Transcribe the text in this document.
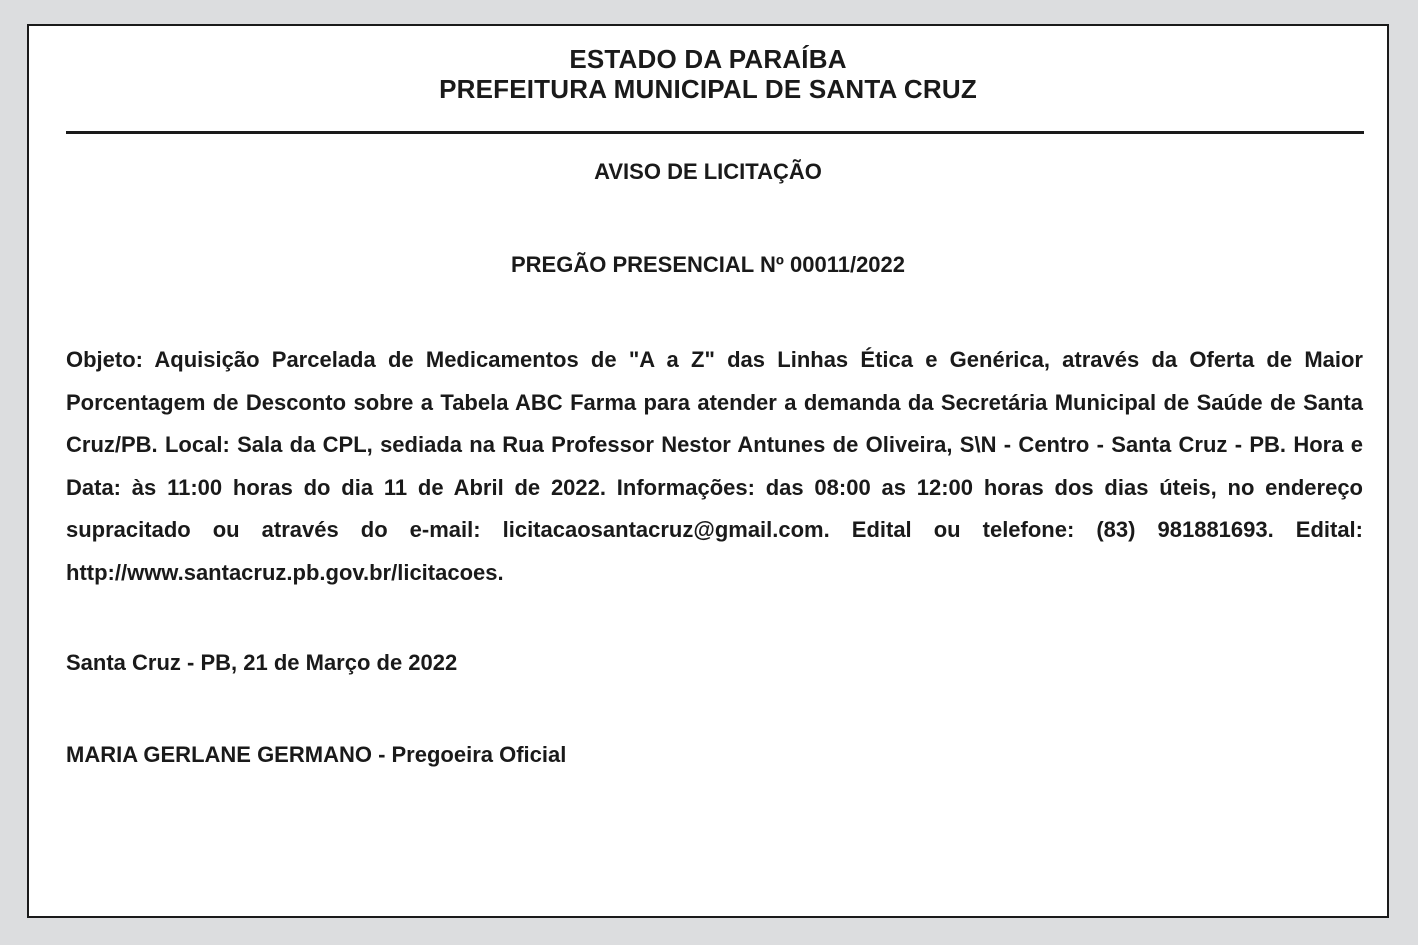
ESTADO DA PARAÍBA
PREFEITURA MUNICIPAL DE SANTA CRUZ
AVISO DE LICITAÇÃO
PREGÃO PRESENCIAL Nº 00011/2022
Objeto: Aquisição Parcelada de Medicamentos de "A a Z" das Linhas Ética e Genérica, através da Oferta de Maior Porcentagem de Desconto sobre a Tabela ABC Farma para atender a demanda da Secretária Municipal de Saúde de Santa Cruz/PB. Local: Sala da CPL, sediada na Rua Professor Nestor Antunes de Oliveira, S\N - Centro - Santa Cruz - PB. Hora e Data: às 11:00 horas do dia 11 de Abril de 2022. Informações: das 08:00 as 12:00 horas dos dias úteis, no endereço supracitado ou através do e-mail: licitacaosantacruz@gmail.com. Edital ou telefone: (83) 981881693. Edital: http://www.santacruz.pb.gov.br/licitacoes.
Santa Cruz - PB, 21 de Março de 2022
MARIA GERLANE GERMANO - Pregoeira Oficial
